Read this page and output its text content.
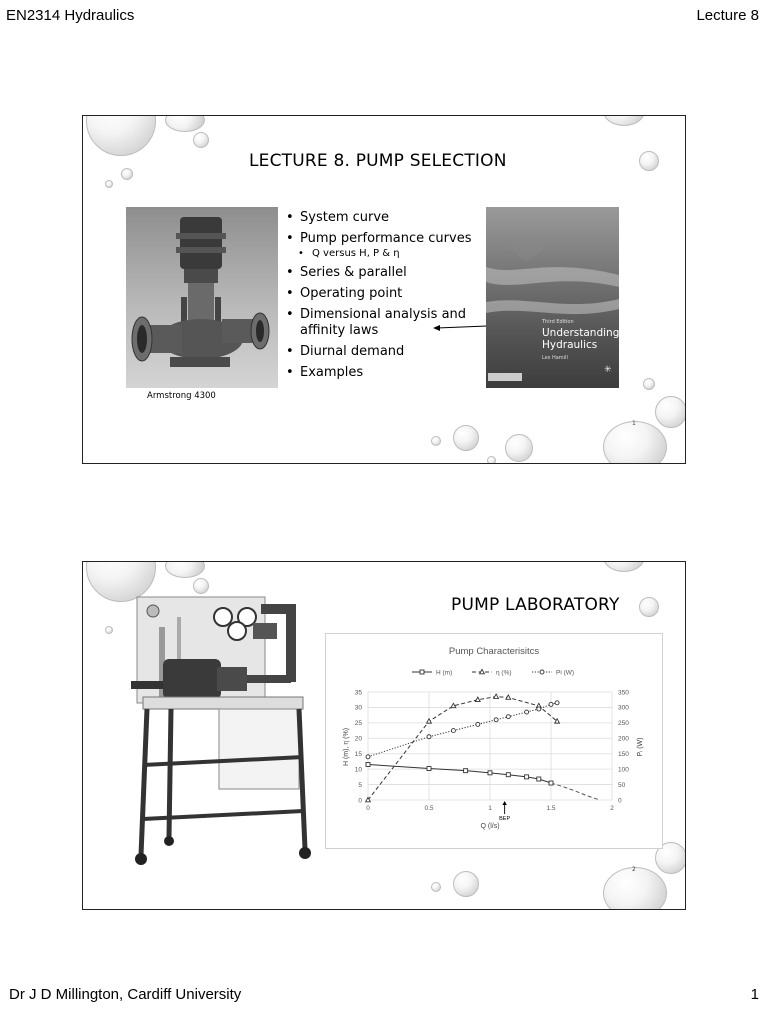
EN2314 Hydraulics	Lecture 8
LECTURE 8. PUMP SELECTION
Armstrong 4300
• System curve
• Pump performance curves
• Q versus H, P & η
• Series & parallel
• Operating point
• Dimensional analysis and
affinity laws
• Diurnal demand
• Examples
Third Edition
Understanding
Hydraulics
Les Hamill
✳
1
PUMP LABORATORY
Pump Characterisitcs
H (m)	η (%)	Pi (W)
0
5
10
15
20
25
30
35
0
50
100
150
200
250
300
350
0	0.5	1	1.5	2
Q (l/s)
H (m), η (%)	Pᵢ (W)
BEP
2
Dr J D Millington, Cardiff University	1
